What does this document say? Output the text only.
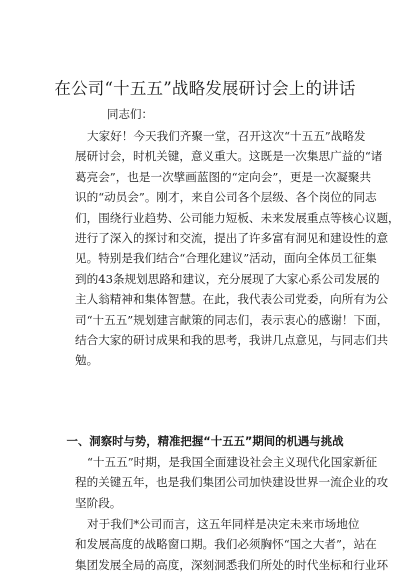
在公司“十五五”战略发展研讨会上的讲话
同志们：
大家好！今天我们齐聚一堂，召开这次“十五五”战略发
展研讨会，时机关键，意义重大。这既是一次集思广益的“诸
葛亮会”，也是一次擘画蓝图的“定向会”，更是一次凝聚共
识的“动员会”。刚才，来自公司各个层级、各个岗位的同志
们，围绕行业趋势、公司能力短板、未来发展重点等核心议题，
进行了深入的探讨和交流，提出了许多富有洞见和建设性的意
见。特别是我们结合“合理化建议”活动，面向全体员工征集
到的43条规划思路和建议，充分展现了大家心系公司发展的
主人翁精神和集体智慧。在此，我代表公司党委，向所有为公
司“十五五”规划建言献策的同志们，表示衷心的感谢！下面，
结合大家的研讨成果和我的思考，我讲几点意见，与同志们共
勉。
一、洞察时与势，精准把握“十五五”期间的机遇与挑战
“十五五”时期，是我国全面建设社会主义现代化国家新征
程的关键五年，也是我们集团公司加快建设世界一流企业的攻
坚阶段。
对于我们*公司而言，这五年同样是决定未来市场地位
和发展高度的战略窗口期。我们必须胸怀“国之大者”，站在
集团发展全局的高度，深刻洞悉我们所处的时代坐标和行业环
